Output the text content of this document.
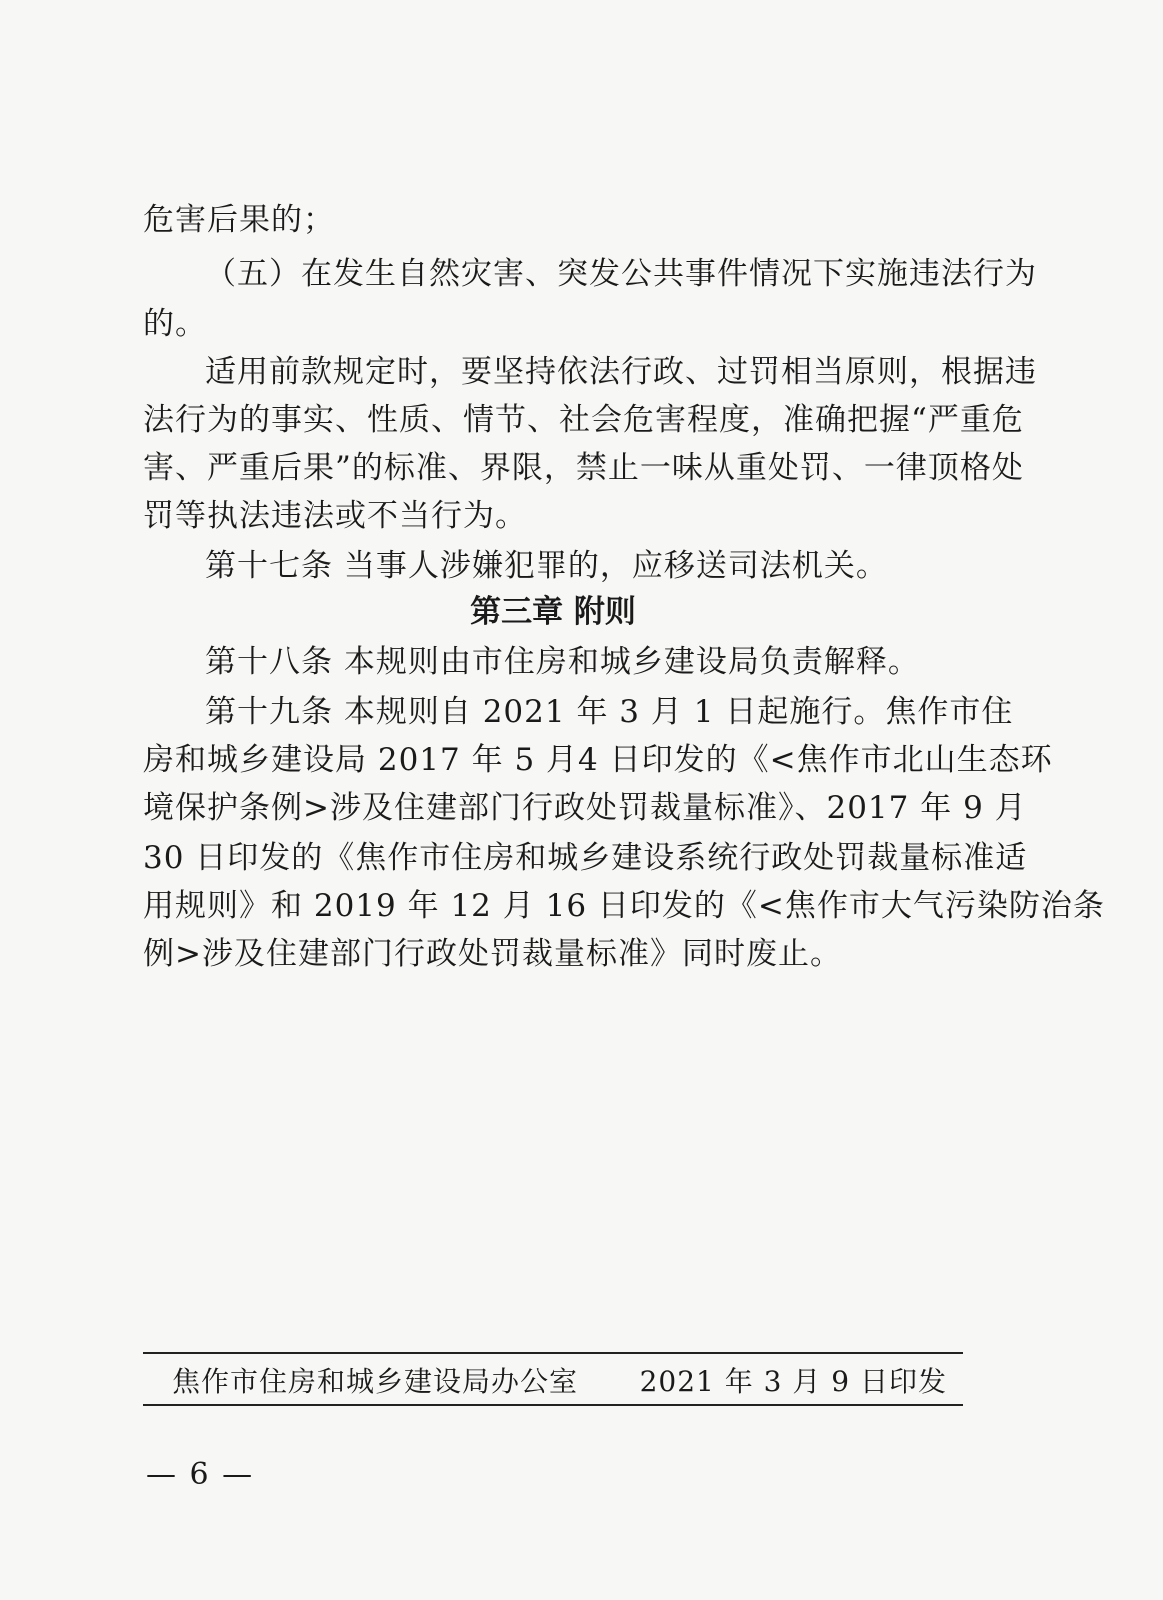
危害后果的；
（五）在发生自然灾害、突发公共事件情况下实施违法行为
的。
适用前款规定时，要坚持依法行政、过罚相当原则，根据违
法行为的事实、性质、情节、社会危害程度，准确把握“严重危
害、严重后果”的标准、界限，禁止一味从重处罚、一律顶格处
罚等执法违法或不当行为。
第十七条 当事人涉嫌犯罪的，应移送司法机关。
第三章 附则
第十八条 本规则由市住房和城乡建设局负责解释。
第十九条 本规则自 2021 年 3 月 1 日起施行。焦作市住
房和城乡建设局 2017 年 5 月4 日印发的《<焦作市北山生态环
境保护条例>涉及住建部门行政处罚裁量标准》、2017 年 9 月
30 日印发的《焦作市住房和城乡建设系统行政处罚裁量标准适
用规则》和 2019 年 12 月 16 日印发的《<焦作市大气污染防治条
例>涉及住建部门行政处罚裁量标准》同时废止。
焦作市住房和城乡建设局办公室 2021 年 3 月 9 日印发
— 6 —
